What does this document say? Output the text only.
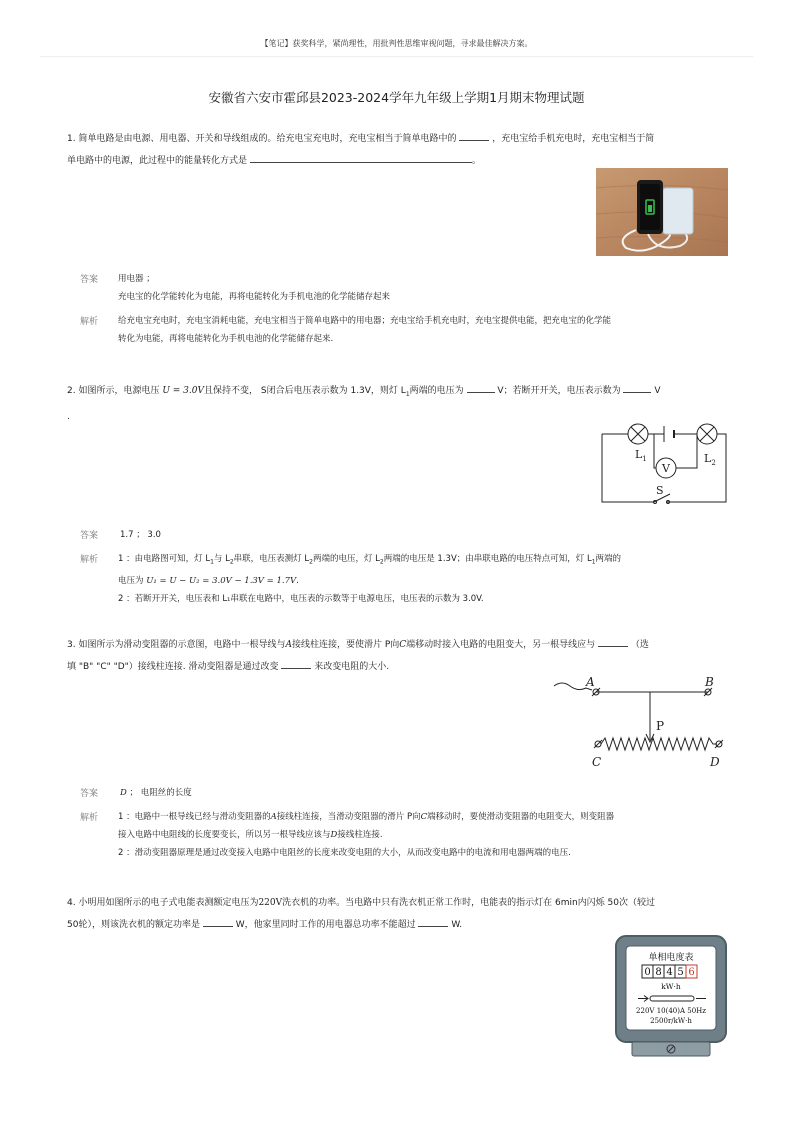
【笔记】获奖科学，紧尚理性，用批判性思维审视问题，寻求最佳解决方案。
安徽省六安市霍邱县2023-2024学年九年级上学期1月期末物理试题
1. 简单电路是由电源、用电器、开关和导线组成的。给充电宝充电时，充电宝相当于简单电路中的	，充电宝给手机充电时，充电宝相当于简
单电路中的电源，此过程中的能量转化方式是	。
答案 用电器 ；
充电宝的化学能转化为电能，再将电能转化为手机电池的化学能储存起来
解析 给充电宝充电时，充电宝消耗电能，充电宝相当于简单电路中的用电器；充电宝给手机充电时，充电宝提供电能，把充电宝的化学能
转化为电能，再将电能转化为手机电池的化学能储存起来.
2. 如图所示，电源电压 U = 3.0V且保持不变， S闭合后电压表示数为 1.3V，则灯 $L_1$两端的电压为	V；若断开开关，电压表示数为	V
.
$L_1$	$L_2$
V
S
答案	1.7 ； 3.0
解析 1 ：由电路图可知，灯 $L_1$与 $L_2$串联，电压表测灯 $L_2$两端的电压，灯 $L_2$两端的电压是 1.3V；由串联电路的电压特点可知，灯 $L_1$两端的
电压为 U₁ = U − U₂ = 3.0V − 1.3V = 1.7V.
2 ：若断开开关，电压表和 L₁串联在电路中，电压表的示数等于电源电压，电压表的示数为 3.0V.
3. 如图所示为滑动变阻器的示意图，电路中一根导线与A接线柱连接，要使滑片 P向C端移动时接入电路的电阻变大，另一根导线应与	（选
填 "B" "C" "D"）接线柱连接. 滑动变阻器是通过改变	来改变电阻的大小.
A	B
P
C	D
答案	D ； 电阻丝的长度
解析 1 ：电路中一根导线已经与滑动变阻器的A接线柱连接，当滑动变阻器的滑片 P向C端移动时，要使滑动变阻器的电阻变大，则变阻器
接入电路中电阻线的长度要变长，所以另一根导线应该与D接线柱连接.
2 ：滑动变阻器原理是通过改变接入电路中电阻丝的长度来改变电阻的大小，从而改变电路中的电流和用电器两端的电压.
4. 小明用如图所示的电子式电能表测额定电压为220V洗衣机的功率。当电路中只有洗衣机正常工作时，电能表的指示灯在 6min内闪烁 50次（较过
50轮），则该洗衣机的额定功率是	W，他家里同时工作的用电器总功率不能超过	W.
单相电度表
0 8 4 5 6
kW·h
220V 10(40)A 50Hz
2500r/kW·h
